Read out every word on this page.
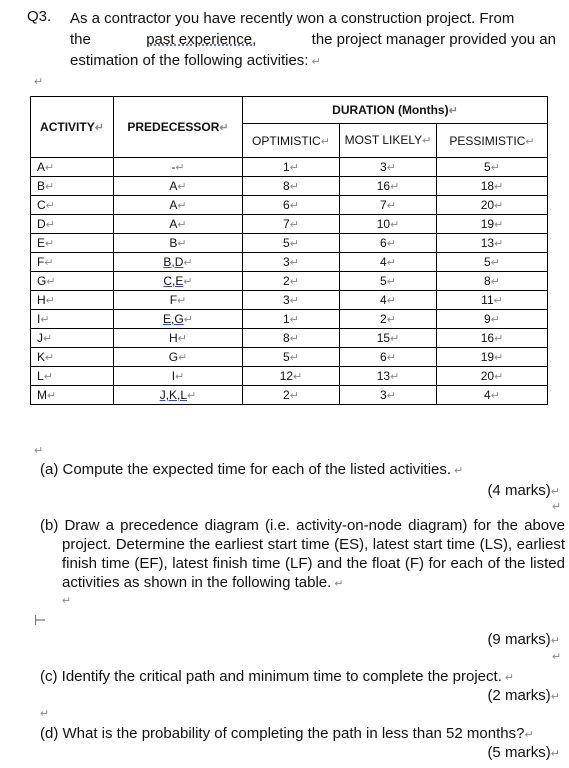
Q3. As a contractor you have recently won a construction project. From
the	past experience,	the project manager provided you an
estimation of the following activities: ↵
↵
ACTIVITY↵	PREDECESSOR↵	DURATION (Months)↵		
		OPTIMISTIC↵	MOST LIKELY↵	PESSIMISTIC↵
A↵	-↵	1↵	3↵	5↵
B↵	A↵	8↵	16↵	18↵
C↵	A↵	6↵	7↵	20↵
D↵	A↵	7↵	10↵	19↵
E↵	B↵	5↵	6↵	13↵
F↵	B,D↵	3↵	4↵	5↵
G↵	C,E↵	2↵	5↵	8↵
H↵	F↵	3↵	4↵	11↵
I↵	E,G↵	1↵	2↵	9↵
J↵	H↵	8↵	15↵	16↵
K↵	G↵	5↵	6↵	19↵
L↵	I↵	12↵	13↵	20↵
M↵	J,K,L↵	2↵	3↵	4↵
↵
(a) Compute the expected time for each of the listed activities. ↵
(4 marks)↵
↵
(b) Draw a precedence diagram (i.e. activity-on-node diagram) for the above project. Determine the earliest start time (ES), latest start time (LS), earliest finish time (EF), latest finish time (LF) and the float (F) for each of the listed activities as shown in the following table. ↵
↵
⊢
(9 marks)↵
↵
(c) Identify the critical path and minimum time to complete the project. ↵
(2 marks)↵
↵
(d) What is the probability of completing the path in less than 52 months?↵
(5 marks)↵
